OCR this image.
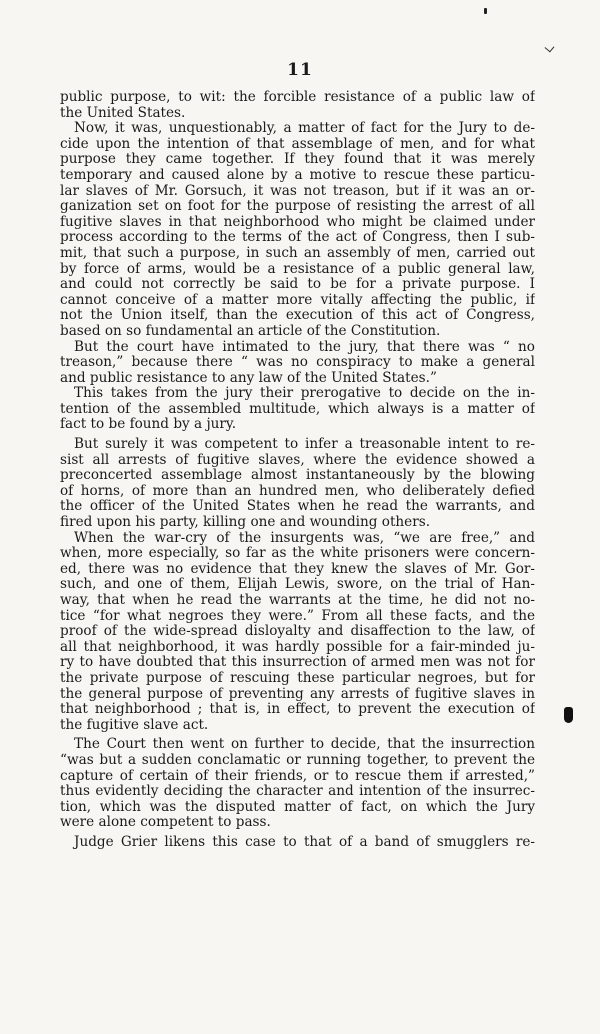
11
public purpose, to wit: the forcible resistance of a public law of
the United States.
Now, it was, unquestionably, a matter of fact for the Jury to de-
cide upon the intention of that assemblage of men, and for what
purpose they came together. If they found that it was merely
temporary and caused alone by a motive to rescue these particu-
lar slaves of Mr. Gorsuch, it was not treason, but if it was an or-
ganization set on foot for the purpose of resisting the arrest of all
fugitive slaves in that neighborhood who might be claimed under
process according to the terms of the act of Congress, then I sub-
mit, that such a purpose, in such an assembly of men, carried out
by force of arms, would be a resistance of a public general law,
and could not correctly be said to be for a private purpose. I
cannot conceive of a matter more vitally affecting the public, if
not the Union itself, than the execution of this act of Congress,
based on so fundamental an article of the Constitution.
But the court have intimated to the jury, that there was “ no
treason,” because there “ was no conspiracy to make a general
and public resistance to any law of the United States.”
This takes from the jury their prerogative to decide on the in-
tention of the assembled multitude, which always is a matter of
fact to be found by a jury.
But surely it was competent to infer a treasonable intent to re-
sist all arrests of fugitive slaves, where the evidence showed a
preconcerted assemblage almost instantaneously by the blowing
of horns, of more than an hundred men, who deliberately defied
the officer of the United States when he read the warrants, and
fired upon his party, killing one and wounding others.
When the war-cry of the insurgents was, “we are free,” and
when, more especially, so far as the white prisoners were concern-
ed, there was no evidence that they knew the slaves of Mr. Gor-
such, and one of them, Elijah Lewis, swore, on the trial of Han-
way, that when he read the warrants at the time, he did not no-
tice “for what negroes they were.” From all these facts, and the
proof of the wide-spread disloyalty and disaffection to the law, of
all that neighborhood, it was hardly possible for a fair-minded ju-
ry to have doubted that this insurrection of armed men was not for
the private purpose of rescuing these particular negroes, but for
the general purpose of preventing any arrests of fugitive slaves in
that neighborhood ; that is, in effect, to prevent the execution of
the fugitive slave act.
The Court then went on further to decide, that the insurrection
“was but a sudden conclamatic or running together, to prevent the
capture of certain of their friends, or to rescue them if arrested,”
thus evidently deciding the character and intention of the insurrec-
tion, which was the disputed matter of fact, on which the Jury
were alone competent to pass.
Judge Grier likens this case to that of a band of smugglers re-
